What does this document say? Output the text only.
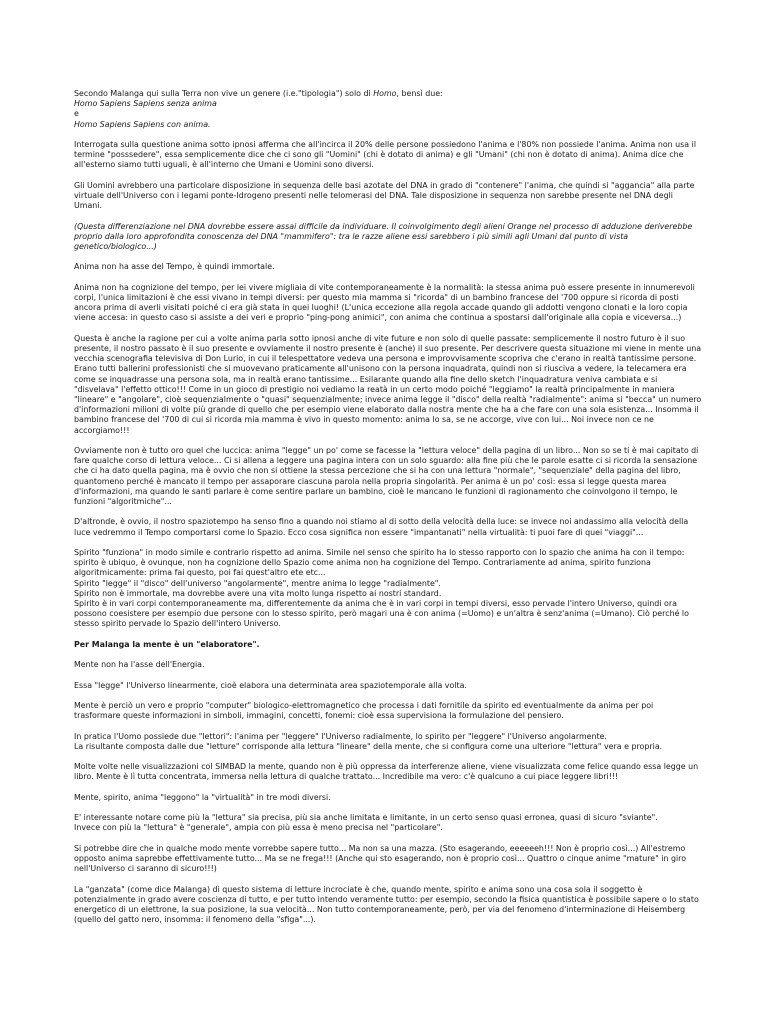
Secondo Malanga qui sulla Terra non vive un genere (i.e."tipologia") solo di Homo, bensì due:
Homo Sapiens Sapiens senza anima
e
Homo Sapiens Sapiens con anima.
Interrogata sulla questione anima sotto ipnosi afferma che all'incirca il 20% delle persone possiedono l'anima e l'80% non possiede l'anima. Anima non usa il termine "posssedere", essa semplicemente dice che ci sono gli "Uomini" (chi è dotato di anima) e gli "Umani" (chi non è dotato di anima). Anima dice che all'esterno siamo tutti uguali, è all'interno che Umani e Uomini sono diversi.
Gli Uomini avrebbero una particolare disposizione in sequenza delle basi azotate del DNA in grado di "contenere" l'anima, che quindi si "aggancia" alla parte virtuale dell'Universo con i legami ponte-Idrogeno presenti nelle telomerasi del DNA. Tale disposizione in sequenza non sarebbe presente nel DNA degli Umani.
(Questa differenziazione nel DNA dovrebbe essere assai difficile da individuare. Il coinvolgimento degli alieni Orange nel processo di adduzione deriverebbe proprio dalla loro approfondita conoscenza del DNA "mammifero": tra le razze aliene essi sarebbero i più simili agli Umani dal punto di vista genetico/biologico...)
Anima non ha asse del Tempo, è quindi immortale.
Anima non ha cognizione del tempo, per lei vivere migliaia di vite contemporaneamente è la normalità: la stessa anima può essere presente in innumerevoli corpi, l'unica limitazioni è che essi vivano in tempi diversi: per questo mia mamma si "ricorda" di un bambino francese del '700 oppure si ricorda di posti ancora prima di averli visitati poiché ci era già stata in quei luoghi! (L'unica eccezione alla regola accade quando gli addotti vengono clonati e la loro copia viene accesa: in questo caso si assiste a dei veri e proprio "ping-pong animici", con anima che continua a spostarsi dall'originale alla copia e viceversa...)
Questa è anche la ragione per cui a volte anima parla sotto ipnosi anche di vite future e non solo di quelle passate: semplicemente il nostro futuro è il suo presente, il nostro passato è il suo presente e ovviamente il nostro presente è (anche) il suo presente. Per descrivere questa situazione mi viene in mente una vecchia scenografia televisiva di Don Lurio, in cui il telespettatore vedeva una persona e improvvisamente scopriva che c'erano in realtà tantissime persone. Erano tutti ballerini professionisti che si muovevano praticamente all'unisono con la persona inquadrata, quindi non si riusciva a vedere, la telecamera era come se inquadrasse una persona sola, ma in realtà erano tantissime... Esilarante quando alla fine dello sketch l'inquadratura veniva cambiata e si "disvelava" l'effetto ottico!!! Come in un gioco di prestigio noi vediamo la reatà in un certo modo poiché "leggiamo" la realtà principalmente in maniera "lineare" e "angolare", cioè sequenzialmente o "quasi" sequenzialmente; invece anima legge il "disco" della realtà "radialmente": anima si "becca" un numero d'informazioni milioni di volte più grande di quello che per esempio viene elaborato dalla nostra mente che ha a che fare con una sola esistenza... Insomma il bambino francese del '700 di cui si ricorda mia mamma è vivo in questo momento: anima lo sa, se ne accorge, vive con lui... Noi invece non ce ne accorgiamo!!!
Ovviamente non è tutto oro quel che luccica: anima "legge" un po' come se facesse la "lettura veloce" della pagina di un libro... Non so se ti è mai capitato di fare qualche corso di lettura veloce... Ci si allena a leggere una pagina intera con un solo sguardo: alla fine più che le parole esatte ci si ricorda la sensazione che ci ha dato quella pagina, ma è ovvio che non si ottiene la stessa percezione che si ha con una lettura "normale", "sequenziale" della pagina del libro, quantomeno perché è mancato il tempo per assaporare ciascuna parola nella propria singolarità. Per anima è un po' così: essa si legge questa marea d'informazioni, ma quando le santi parlare è come sentire parlare un bambino, cioè le mancano le funzioni di ragionamento che coinvolgono il tempo, le funzioni "algoritmiche"...
D'altronde, è ovvio, il nostro spaziotempo ha senso fino a quando noi stiamo al di sotto della velocità della luce: se invece noi andassimo alla velocità della luce vedremmo il Tempo comportarsi come lo Spazio. Ecco cosa significa non essere "impantanati" nella virtualità: ti puoi fare di quei "viaggi"...
Spirito "funziona" in modo simile e contrario rispetto ad anima. Simile nel senso che spirito ha lo stesso rapporto con lo spazio che anima ha con il tempo: spirito è ubiquo, è ovunque, non ha cognizione dello Spazio come anima non ha cognizione del Tempo. Contrariamente ad anima, spirito funziona algoritmicamente: prima fai questo, poi fai quest'altro ete etc...
Spirito "legge" il "disco" dell'universo "angolarmente", mentre anima lo legge "radialmente".
Spirito non è immortale, ma dovrebbe avere una vita molto lunga rispetto ai nostri standard.
Spirito è in vari corpi contemporaneamente ma, differentemente da anima che è in vari corpi in tempi diversi, esso pervade l'intero Universo, quindi ora possono coesistere per esempio due persone con lo stesso spirito, però magari una è con anima (=Uomo) e un'altra è senz'anima (=Umano). Ciò perché lo stesso spirito pervade lo Spazio dell'intero Universo.
Per Malanga la mente è un "elaboratore".
Mente non ha l'asse dell'Energia.
Essa "legge" l'Universo linearmente, cioè elabora una determinata area spaziotemporale alla volta.
Mente è perciò un vero e proprio "computer" biologico-elettromagnetico che processa i dati fornitile da spirito ed eventualmente da anima per poi trasformare queste informazioni in simboli, immagini, concetti, fonemi: cioè essa supervisiona la formulazione del pensiero.
In pratica l'Uomo possiede due "lettori": l'anima per "leggere" l'Universo radialmente, lo spirito per "leggere" l'Universo angolarmente.
La risultante composta dalle due "letture" corrisponde alla lettura "lineare" della mente, che si configura come una ulteriore "lettura" vera e propria.
Molte volte nelle visualizzazioni col SIMBAD la mente, quando non è più oppressa da interferenze aliene, viene visualizzata come felice quando essa legge un libro. Mente è lì tutta concentrata, immersa nella lettura di qualche trattato... Incredibile ma vero: c'è qualcuno a cui piace leggere libri!!!
Mente, spirito, anima "leggono" la "virtualità" in tre modi diversi.
E' interessante notare come più la "lettura" sia precisa, più sia anche limitata e limitante, in un certo senso quasi erronea, quasi di sicuro "sviante".
Invece con più la "lettura" è "generale", ampia con più essa è meno precisa nel "particolare".
Si potrebbe dire che in qualche modo mente vorrebbe sapere tutto... Ma non sa una mazza. (Sto esagerando, eeeeeeh!!! Non è proprio così...) All'estremo opposto anima saprebbe effettivamente tutto... Ma se ne frega!!! (Anche qui sto esagerando, non è proprio così... Quattro o cinque anime "mature" in giro nell'Universo ci saranno di sicuro!!!)
La "ganzata" (come dice Malanga) di questo sistema di letture incrociate è che, quando mente, spirito e anima sono una cosa sola il soggetto è potenzialmente in grado avere coscienza di tutto, e per tutto intendo veramente tutto: per esempio, secondo la fisica quantistica è possibile sapere o lo stato energetico di un elettrone, la sua posizione, la sua velocità... Non tutto contemporaneamente, però, per via del fenomeno d'interminazione di Heisemberg (quello del gatto nero, insomma: il fenomeno della "sfiga"...).
